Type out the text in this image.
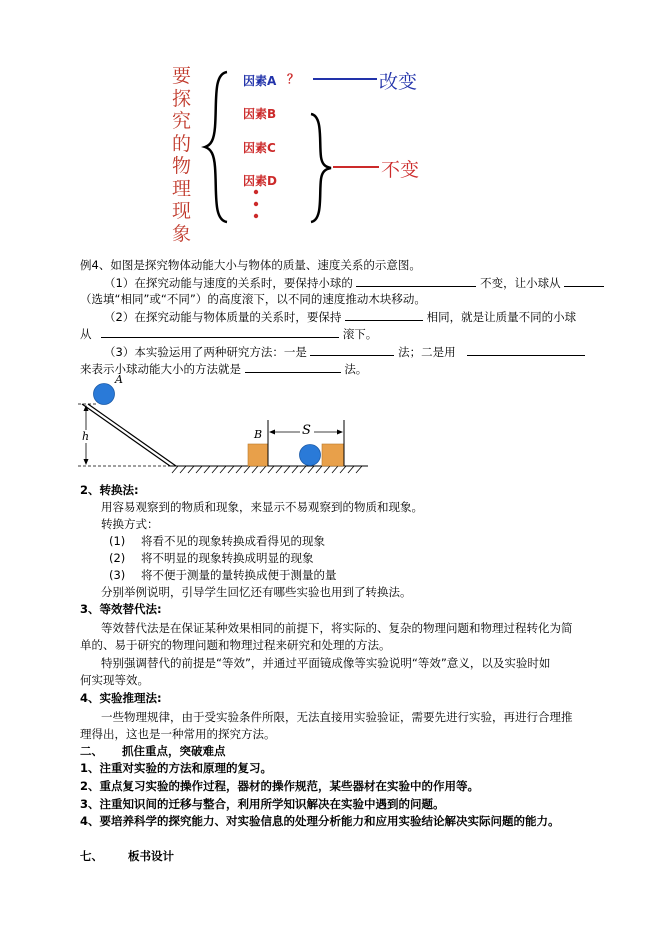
要
探
究
的
物
理
现
象
因素A ？
因素B
因素C
因素D
改变
不变
例4、如图是探究物体动能大小与物体的质量、速度关系的示意图。
（1）在探究动能与速度的关系时，要保持小球的	不变，让小球从
（选填“相同”或“不同”）的高度滚下，以不同的速度推动木块移动。
（2）在探究动能与物体质量的关系时，要保持	相同，就是让质量不同的小球
从	滚下。
（3）本实验运用了两种研究方法：一是	法；二是用
来表示小球动能大小的方法就是	法。
A
h	B	S
2、转换法:
用容易观察到的物质和现象，来显示不易观察到的物质和现象。
转换方式：
(1) 将看不见的现象转换成看得见的现象
(2) 将不明显的现象转换成明显的现象
(3) 将不便于测量的量转换成便于测量的量
分别举例说明，引导学生回忆还有哪些实验也用到了转换法。
3、等效替代法:
等效替代法是在保证某种效果相同的前提下，将实际的、复杂的物理问题和物理过程转化为简
单的、易于研究的物理问题和物理过程来研究和处理的方法。
特别强调替代的前提是“等效”，并通过平面镜成像等实验说明“等效”意义，以及实验时如
何实现等效。
4、实验推理法:
一些物理规律，由于受实验条件所限，无法直接用实验验证，需要先进行实验，再进行合理推
理得出，这也是一种常用的探究方法。
二、 抓住重点，突破难点
1、注重对实验的方法和原理的复习。
2、重点复习实验的操作过程，器材的操作规范，某些器材在实验中的作用等。
3、注重知识间的迁移与整合，利用所学知识解决在实验中遇到的问题。
4、要培养科学的探究能力、对实验信息的处理分析能力和应用实验结论解决实际问题的能力。
七、 板书设计
